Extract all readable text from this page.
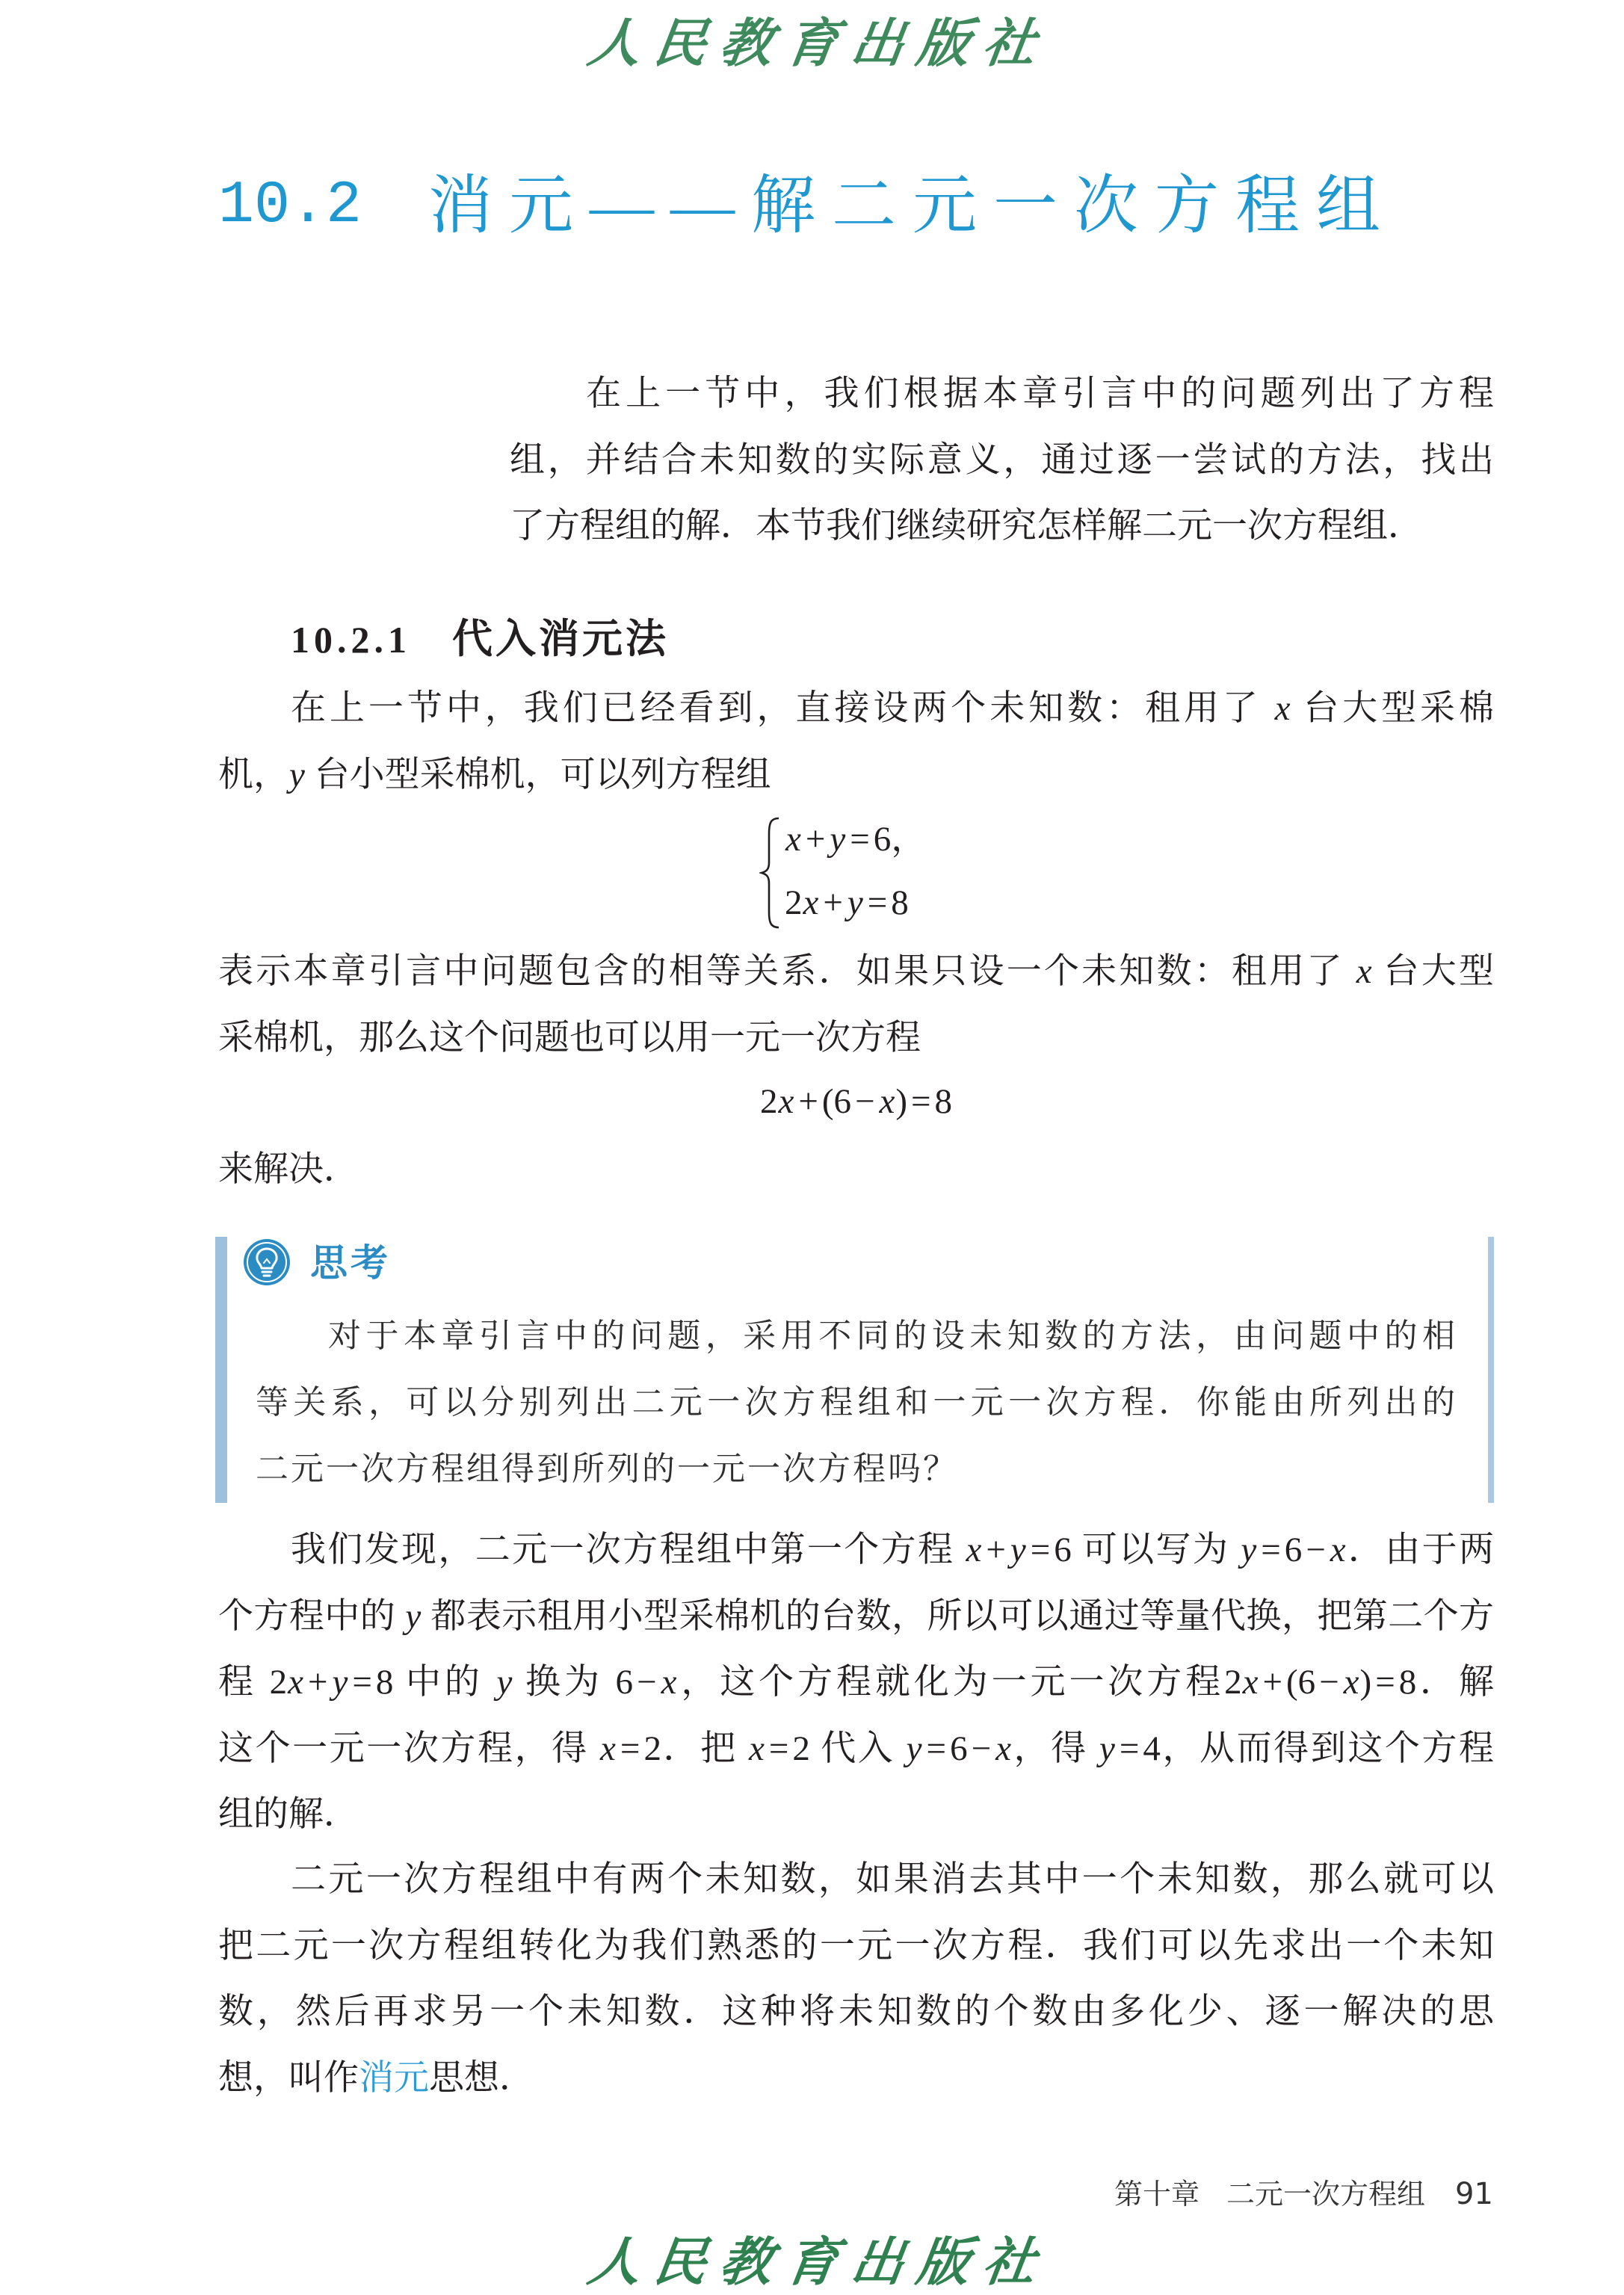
人民教育出版社
10.2 消元——解二元一次方程组
在上一节中，我们根据本章引言中的问题列出了方程
组，并结合未知数的实际意义，通过逐一尝试的方法，找出
了方程组的解．本节我们继续研究怎样解二元一次方程组．
10.2.1 代入消元法
在上一节中，我们已经看到，直接设两个未知数：租用了 x 台大型采棉
机，y 台小型采棉机，可以列方程组
x + y = 6，
2x + y = 8
表示本章引言中问题包含的相等关系．如果只设一个未知数：租用了 x 台大型
采棉机，那么这个问题也可以用一元一次方程
2x + (6 − x) = 8
来解决．
思考
对于本章引言中的问题，采用不同的设未知数的方法，由问题中的相
等关系，可以分别列出二元一次方程组和一元一次方程．你能由所列出的
二元一次方程组得到所列的一元一次方程吗？
我们发现，二元一次方程组中第一个方程 x + y = 6 可以写为 y = 6 − x．由于两
个方程中的 y 都表示租用小型采棉机的台数，所以可以通过等量代换，把第二个方
程 2x + y = 8 中的 y 换为 6 − x，这个方程就化为一元一次方程2x + (6 − x) = 8．解
这个一元一次方程，得 x = 2．把 x = 2 代入 y = 6 − x，得 y = 4，从而得到这个方程
组的解．
二元一次方程组中有两个未知数，如果消去其中一个未知数，那么就可以
把二元一次方程组转化为我们熟悉的一元一次方程．我们可以先求出一个未知
数，然后再求另一个未知数．这种将未知数的个数由多化少、逐一解决的思
想，叫作消元思想．
第十章 二元一次方程组 91
人民教育出版社
